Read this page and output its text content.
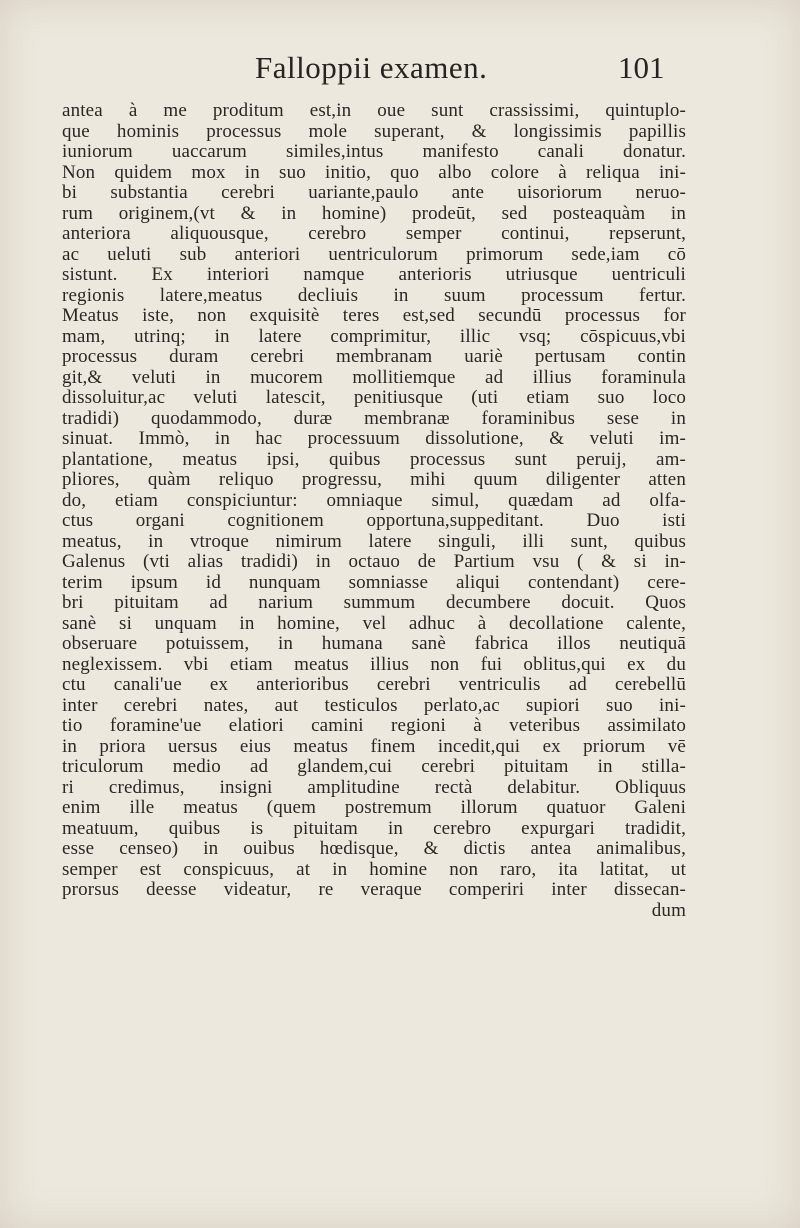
Falloppii examen.	101
antea à me proditum est,in oue sunt crassissimi, quintuplo-
que hominis processus mole superant, & longissimis papillis
iuniorum uaccarum similes,intus manifesto canali donatur.
Non quidem mox in suo initio, quo albo colore à reliqua ini-
bi substantia cerebri uariante,paulo ante uisoriorum neruo-
rum originem,(vt & in homine) prodeūt, sed posteaquàm in
anteriora aliquousque, cerebro semper continui, repserunt,
ac ueluti sub anteriori uentriculorum primorum sede,iam cō
sistunt. Ex interiori namque anterioris utriusque uentriculi
regionis latere,meatus decliuis in suum processum fertur.
Meatus iste, non exquisitè teres est,sed secundū processus for
mam, utrinq; in latere comprimitur, illic vsq; cōspicuus,vbi
processus duram cerebri membranam uariè pertusam contin
git,& veluti in mucorem mollitiemque ad illius foraminula
dissoluitur,ac veluti latescit, penitiusque (uti etiam suo loco
tradidi) quodammodo, duræ membranæ foraminibus sese in
sinuat. Immò, in hac processuum dissolutione, & veluti im-
plantatione, meatus ipsi, quibus processus sunt peruij, am-
pliores, quàm reliquo progressu, mihi quum diligenter atten
do, etiam conspiciuntur: omniaque simul, quædam ad olfa-
ctus organi cognitionem opportuna,suppeditant. Duo isti
meatus, in vtroque nimirum latere singuli, illi sunt, quibus
Galenus (vti alias tradidi) in octauo de Partium vsu ( & si in-
terim ipsum id nunquam somniasse aliqui contendant) cere-
bri pituitam ad narium summum decumbere docuit. Quos
sanè si unquam in homine, vel adhuc à decollatione calente,
obseruare potuissem, in humana sanè fabrica illos neutiquā
neglexissem. vbi etiam meatus illius non fui oblitus,qui ex du
ctu canali'ue ex anterioribus cerebri ventriculis ad cerebellū
inter cerebri nates, aut testiculos perlato,ac supiori suo ini-
tio foramine'ue elatiori camini regioni à veteribus assimilato
in priora uersus eius meatus finem incedit,qui ex priorum vē
triculorum medio ad glandem,cui cerebri pituitam in stilla-
ri credimus, insigni amplitudine rectà delabitur. Obliquus
enim ille meatus (quem postremum illorum quatuor Galeni
meatuum, quibus is pituitam in cerebro expurgari tradidit,
esse censeo) in ouibus hœdisque, & dictis antea animalibus,
semper est conspicuus, at in homine non raro, ita latitat, ut
prorsus deesse videatur, re veraque comperiri inter dissecan-
dum
